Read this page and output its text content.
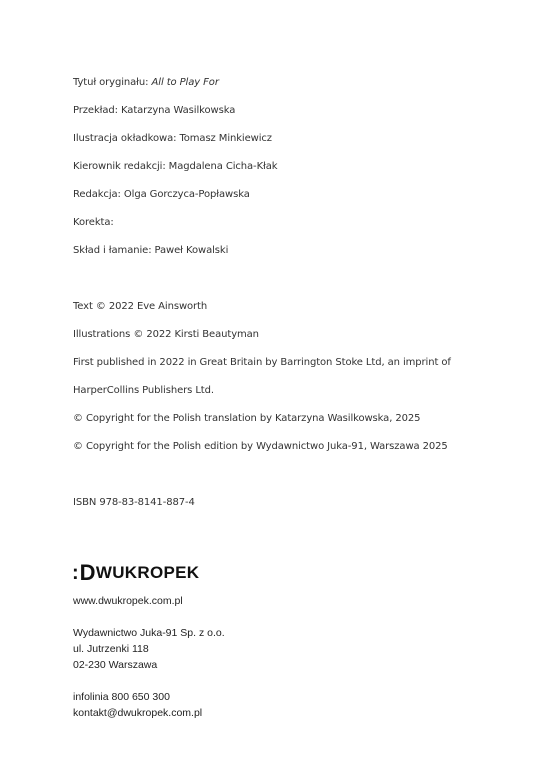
Tytuł oryginału: All to Play For
Przekład: Katarzyna Wasilkowska
Ilustracja okładkowa: Tomasz Minkiewicz
Kierownik redakcji: Magdalena Cicha-Kłak
Redakcja: Olga Gorczyca-Popławska
Korekta:
Skład i łamanie: Paweł Kowalski
Text © 2022 Eve Ainsworth
Illustrations © 2022 Kirsti Beautyman
First published in 2022 in Great Britain by Barrington Stoke Ltd, an imprint of
HarperCollins Publishers Ltd.
© Copyright for the Polish translation by Katarzyna Wasilkowska, 2025
© Copyright for the Polish edition by Wydawnictwo Juka-91, Warszawa 2025
ISBN 978-83-8141-887-4
: D WUKROPEK
www.dwukropek.com.pl
Wydawnictwo Juka-91 Sp. z o.o.
ul. Jutrzenki 118
02-230 Warszawa
infolinia 800 650 300
kontakt@dwukropek.com.pl
